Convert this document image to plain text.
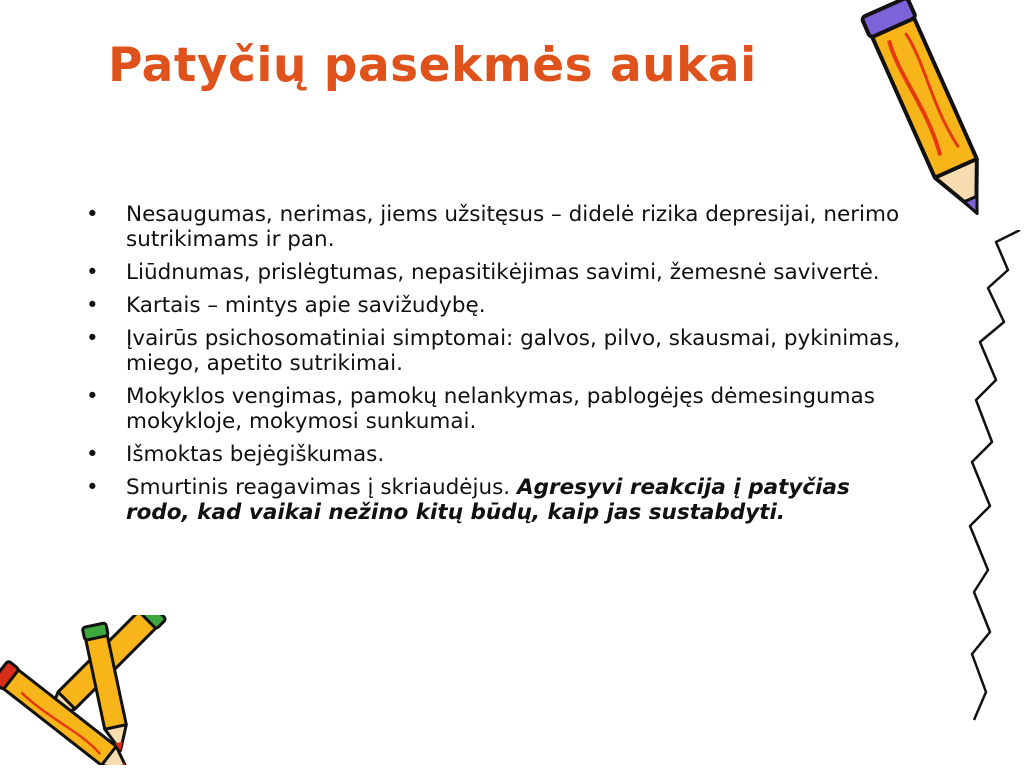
Patyčių pasekmės aukai
•	Nesaugumas, nerimas, jiems užsitęsus – didelė rizika depresijai, nerimo sutrikimams ir pan.
•	Liūdnumas, prislėgtumas, nepasitikėjimas savimi, žemesnė savivertė.
•	Kartais – mintys apie savižudybę.
•	Įvairūs psichosomatiniai simptomai: galvos, pilvo, skausmai, pykinimas, miego, apetito sutrikimai.
•	Mokyklos vengimas, pamokų nelankymas, pablogėjęs dėmesingumas mokykloje, mokymosi sunkumai.
•	Išmoktas bejėgiškumas.
•	Smurtinis reagavimas į skriaudėjus. Agresyvi reakcija į patyčias rodo, kad vaikai nežino kitų būdų, kaip jas sustabdyti.
